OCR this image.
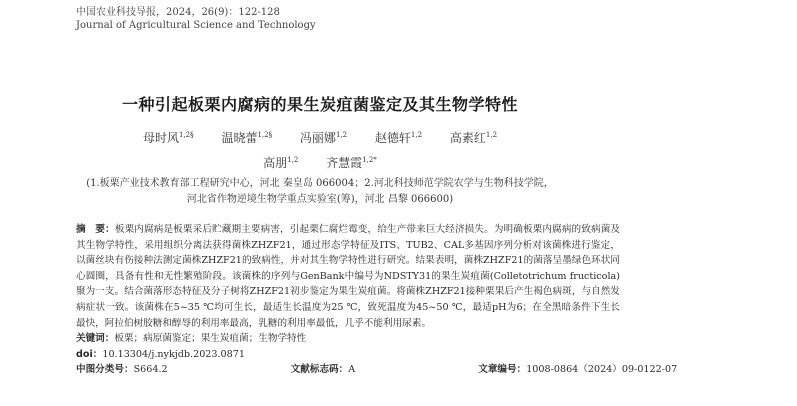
中国农业科技导报，2024，26(9)：122-128
Journal of Agricultural Science and Technology
一种引起板栗内腐病的果生炭疽菌鉴定及其生物学特性
母时风$^{1,2\S}$ 温晓蕾$^{1,2\S}$ 冯丽娜$^{1,2}$ 赵德轩$^{1,2}$ 高素红$^{1,2}$
高朋$^{1,2}$ 齐慧霞$^{1,2*}$
(1.板栗产业技术教育部工程研究中心，河北 秦皇岛 066004；2.河北科技师范学院农学与生物科技学院，
河北省作物逆境生物学重点实验室(筹)，河北 昌黎 066600)

摘　要：板栗内腐病是板栗采后贮藏期主要病害，引起栗仁腐烂霉变，给生产带来巨大经济损失。为明确板栗内腐病的致病菌及其生物学特性，采用组织分离法获得菌株ZHZF21，通过形态学特征及ITS、TUB2、CAL多基因序列分析对该菌株进行鉴定，以菌丝块有伤接种法测定菌株ZHZF21的致病性，并对其生物学特性进行研究。结果表明，菌株ZHZF21的菌落呈墨绿色环状同心圆圈，具备有性和无性繁殖阶段。该菌株的序列与GenBank中编号为NDSTY31的果生炭疽菌(Colletotrichum fructicola)聚为一支。结合菌落形态特征及分子树将ZHZF21初步鉴定为果生炭疽菌。将菌株ZHZF21接种栗果后产生褐色病斑，与自然发病症状一致。该菌株在5~35 ℃均可生长，最适生长温度为25 ℃，致死温度为45~50 ℃，最适pH为6；在全黑暗条件下生长最快，阿拉伯树胶糖和醇辱的利用率最高，乳糖的利用率最低，几乎不能利用尿素。

关键词：板栗；病原菌鉴定；果生炭疽菌；生物学特性

doi：10.13304/j.nykjdb.2023.0871

中图分类号：S664.2	文献标志码：A	文章编号：1008-0864（2024）09-0122-07
